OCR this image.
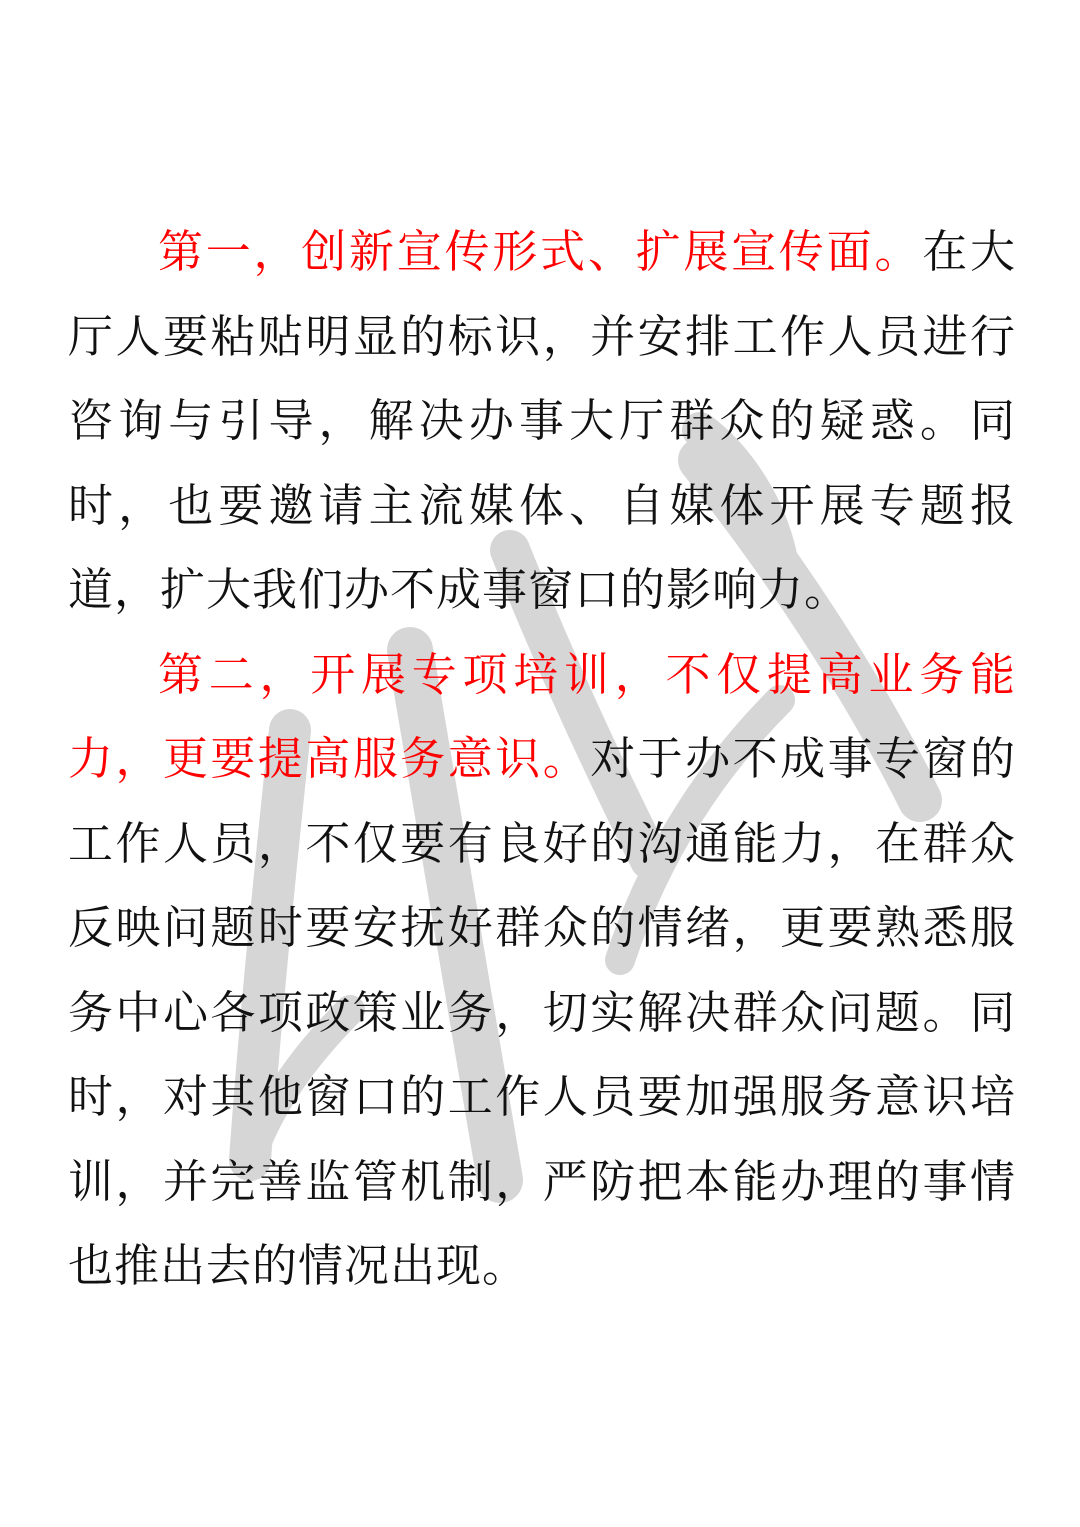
第一，创新宣传形式、扩展宣传面。在大厅人要粘贴明显的标识，并安排工作人员进行咨询与引导，解决办事大厅群众的疑惑。同时，也要邀请主流媒体、自媒体开展专题报道，扩大我们办不成事窗口的影响力。

第二，开展专项培训，不仅提高业务能力，更要提高服务意识。对于办不成事专窗的工作人员，不仅要有良好的沟通能力，在群众反映问题时要安抚好群众的情绪，更要熟悉服务中心各项政策业务，切实解决群众问题。同时，对其他窗口的工作人员要加强服务意识培训，并完善监管机制，严防把本能办理的事情也推出去的情况出现。
